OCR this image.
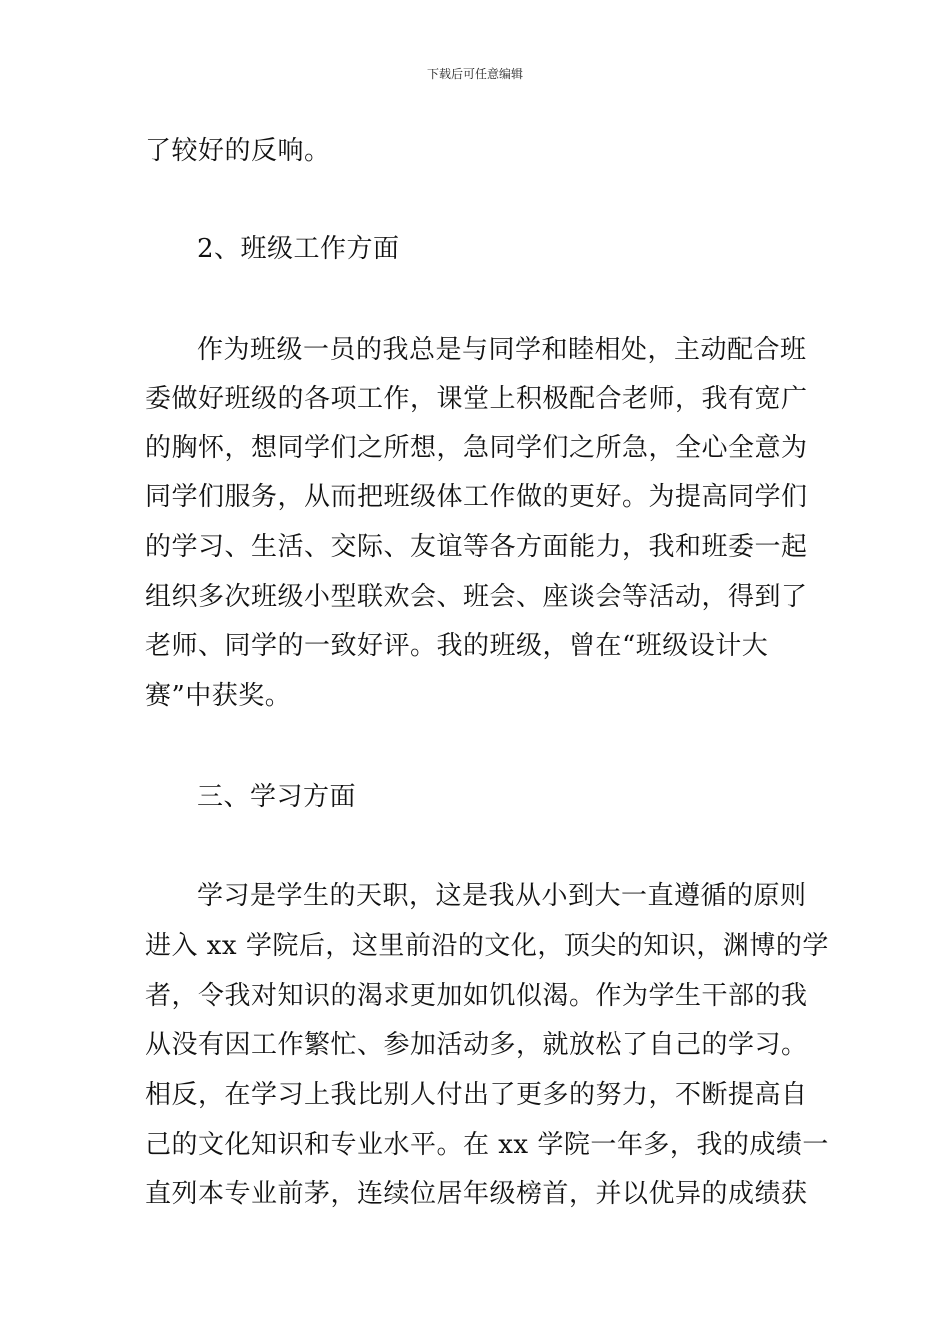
下载后可任意编辑
了较好的反响。
2、班级工作方面
作为班级一员的我总是与同学和睦相处，主动配合班
委做好班级的各项工作，课堂上积极配合老师，我有宽广
的胸怀，想同学们之所想，急同学们之所急，全心全意为
同学们服务，从而把班级体工作做的更好。为提高同学们
的学习、生活、交际、友谊等各方面能力，我和班委一起
组织多次班级小型联欢会、班会、座谈会等活动，得到了
老师、同学的一致好评。我的班级，曾在“班级设计大
赛”中获奖。
三、学习方面
学习是学生的天职，这是我从小到大一直遵循的原则
进入 xx 学院后，这里前沿的文化，顶尖的知识，渊博的学
者，令我对知识的渴求更加如饥似渴。作为学生干部的我
从没有因工作繁忙、参加活动多，就放松了自己的学习。
相反，在学习上我比别人付出了更多的努力，不断提高自
己的文化知识和专业水平。在 xx 学院一年多，我的成绩一
直列本专业前茅，连续位居年级榜首，并以优异的成绩获
